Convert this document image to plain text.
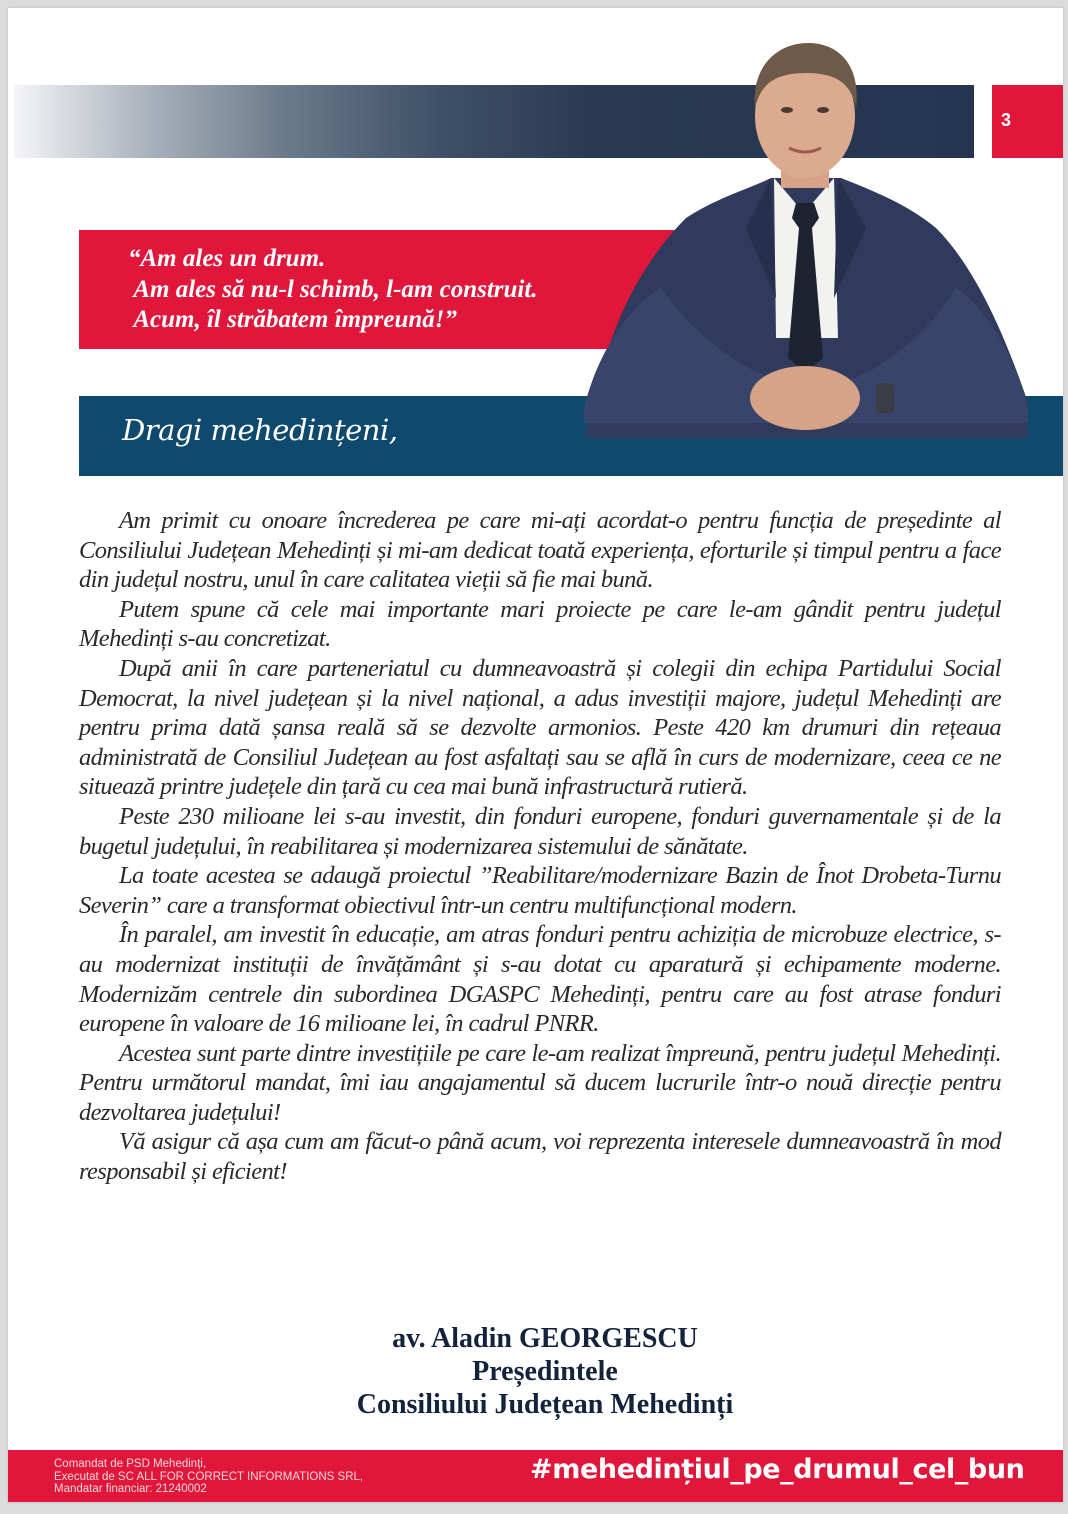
3
“Am ales un drum.
Am ales să nu-l schimb, l-am construit.
Acum, îl străbatem împreună!”
Dragi mehedințeni,

Am primit cu onoare încrederea pe care mi-ați acordat-o pentru funcția de președinte al Consiliului Județean Mehedinți și mi-am dedicat toată experiența, eforturile și timpul pentru a face din județul nostru, unul în care calitatea vieții să fie mai bună.

Putem spune că cele mai importante mari proiecte pe care le-am gândit pentru județul Mehedinți s-au concretizat.

După anii în care parteneriatul cu dumneavoastră și colegii din echipa Partidului Social Democrat, la nivel județean și la nivel național, a adus investiții majore, județul Mehedinți are pentru prima dată șansa reală să se dezvolte armonios. Peste 420 km drumuri din rețeaua administrată de Consiliul Județean au fost asfaltați sau se află în curs de modernizare, ceea ce ne situează printre județele din țară cu cea mai bună infrastructură rutieră.

Peste 230 milioane lei s-au investit, din fonduri europene, fonduri guvernamentale și de la bugetul județului, în reabilitarea și modernizarea sistemului de sănătate.

La toate acestea se adaugă proiectul ”Reabilitare/modernizare Bazin de Înot Drobeta-Turnu Severin” care a transformat obiectivul într-un centru multifuncțional modern.

În paralel, am investit în educație, am atras fonduri pentru achiziția de microbuze electrice, s-au modernizat instituții de învățământ și s-au dotat cu aparatură și echipamente moderne. Modernizăm centrele din subordinea DGASPC Mehedinți, pentru care au fost atrase fonduri europene în valoare de 16 milioane lei, în cadrul PNRR.

Acestea sunt parte dintre investițiile pe care le-am realizat împreună, pentru județul Mehedinți. Pentru următorul mandat, îmi iau angajamentul să ducem lucrurile într-o nouă direcție pentru dezvoltarea județului!

Vă asigur că așa cum am făcut-o până acum, voi reprezenta interesele dumneavoastră în mod responsabil și eficient!

av. Aladin GEORGESCU
Președintele
Consiliului Județean Mehedinți
Comandat de PSD Mehedinți,
Executat de SC ALL FOR CORRECT INFORMATIONS SRL,
Mandatar financiar: 21240002
#mehedințiul_pe_drumul_cel_bun
